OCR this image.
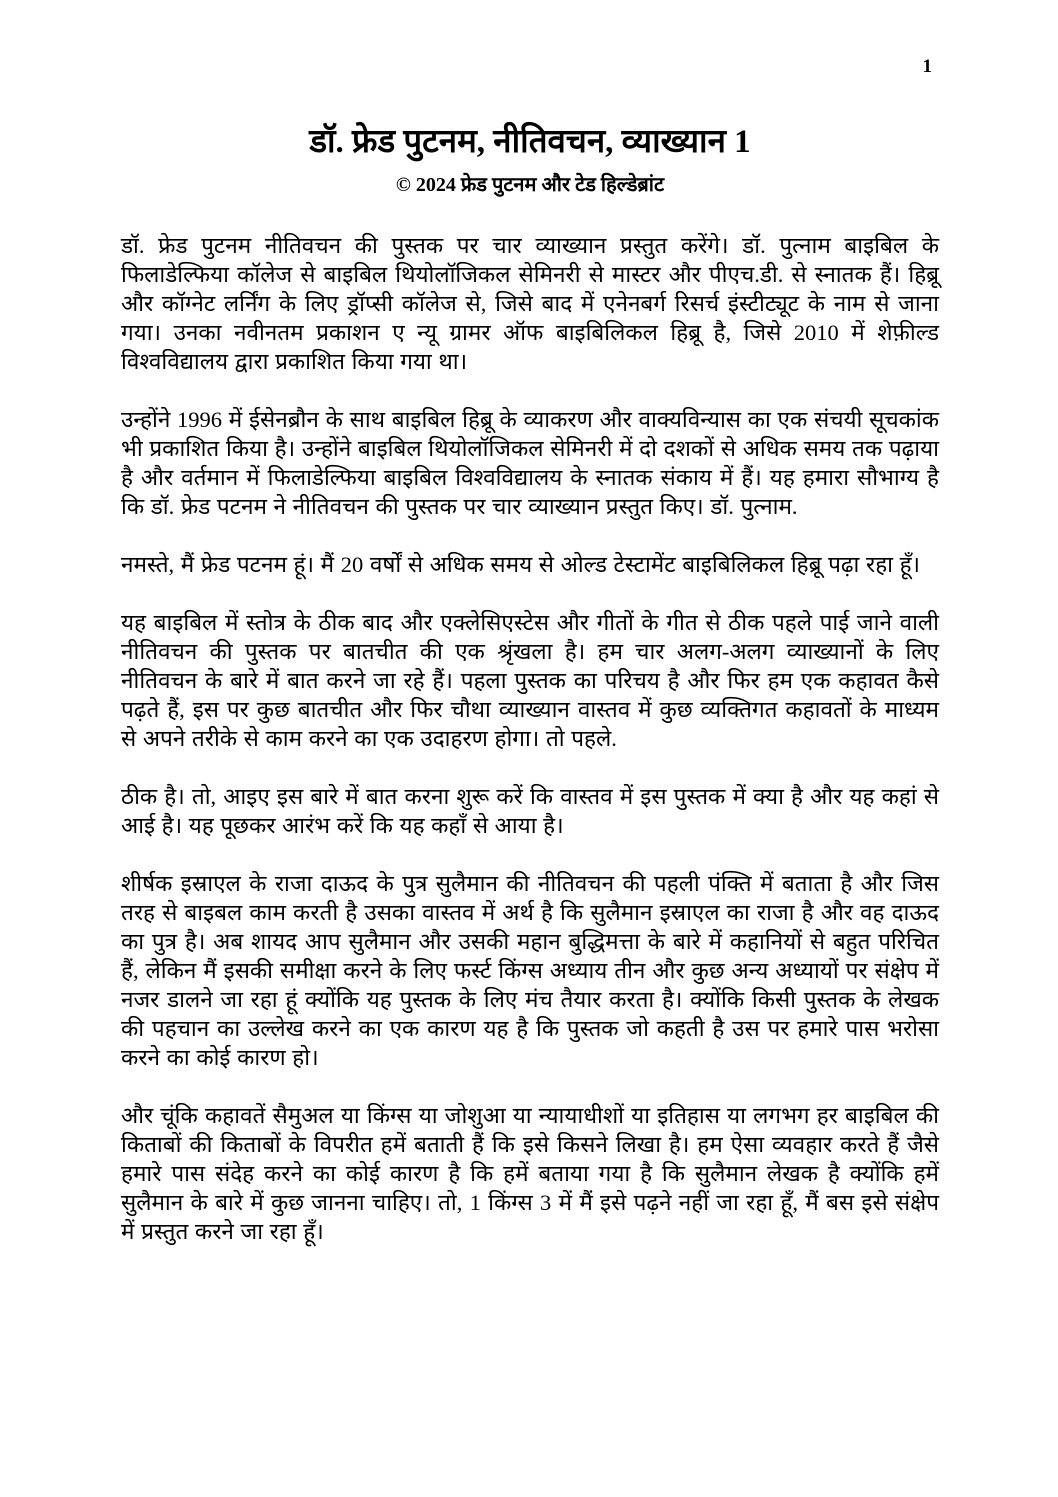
1
डॉ. फ्रेड पुटनम, नीतिवचन, व्याख्यान 1
© 2024 फ्रेड पुटनम और टेड हिल्डेब्रांट

डॉ. फ्रेड पुटनम नीतिवचन की पुस्तक पर चार व्याख्यान प्रस्तुत करेंगे। डॉ. पुत्नाम बाइबिल के फिलाडेल्फिया कॉलेज से बाइबिल थियोलॉजिकल सेमिनरी से मास्टर और पीएच.डी. से स्नातक हैं। हिब्रू और कॉग्नेट लर्निंग के लिए ड्रॉप्सी कॉलेज से, जिसे बाद में एनेनबर्ग रिसर्च इंस्टीट्यूट के नाम से जाना गया। उनका नवीनतम प्रकाशन ए न्यू ग्रामर ऑफ बाइबिलिकल हिब्रू है, जिसे 2010 में शेफ़ील्ड विश्वविद्यालय द्वारा प्रकाशित किया गया था।

उन्होंने 1996 में ईसेनब्रौन के साथ बाइबिल हिब्रू के व्याकरण और वाक्यविन्यास का एक संचयी सूचकांक भी प्रकाशित किया है। उन्होंने बाइबिल थियोलॉजिकल सेमिनरी में दो दशकों से अधिक समय तक पढ़ाया है और वर्तमान में फिलाडेल्फिया बाइबिल विश्वविद्यालय के स्नातक संकाय में हैं। यह हमारा सौभाग्य है कि डॉ. फ्रेड पटनम ने नीतिवचन की पुस्तक पर चार व्याख्यान प्रस्तुत किए। डॉ. पुत्नाम.

नमस्ते, मैं फ्रेड पटनम हूं। मैं 20 वर्षों से अधिक समय से ओल्ड टेस्टामेंट बाइबिलिकल हिब्रू पढ़ा रहा हूँ।

यह बाइबिल में स्तोत्र के ठीक बाद और एक्लेसिएस्टेस और गीतों के गीत से ठीक पहले पाई जाने वाली नीतिवचन की पुस्तक पर बातचीत की एक श्रृंखला है। हम चार अलग-अलग व्याख्यानों के लिए नीतिवचन के बारे में बात करने जा रहे हैं। पहला पुस्तक का परिचय है और फिर हम एक कहावत कैसे पढ़ते हैं, इस पर कुछ बातचीत और फिर चौथा व्याख्यान वास्तव में कुछ व्यक्तिगत कहावतों के माध्यम से अपने तरीके से काम करने का एक उदाहरण होगा। तो पहले.

ठीक है। तो, आइए इस बारे में बात करना शुरू करें कि वास्तव में इस पुस्तक में क्या है और यह कहां से आई है। यह पूछकर आरंभ करें कि यह कहाँ से आया है।

शीर्षक इस्राएल के राजा दाऊद के पुत्र सुलैमान की नीतिवचन की पहली पंक्ति में बताता है और जिस तरह से बाइबल काम करती है उसका वास्तव में अर्थ है कि सुलैमान इस्राएल का राजा है और वह दाऊद का पुत्र है। अब शायद आप सुलैमान और उसकी महान बुद्धिमत्ता के बारे में कहानियों से बहुत परिचित हैं, लेकिन मैं इसकी समीक्षा करने के लिए फर्स्ट किंग्स अध्याय तीन और कुछ अन्य अध्यायों पर संक्षेप में नजर डालने जा रहा हूं क्योंकि यह पुस्तक के लिए मंच तैयार करता है। क्योंकि किसी पुस्तक के लेखक की पहचान का उल्लेख करने का एक कारण यह है कि पुस्तक जो कहती है उस पर हमारे पास भरोसा करने का कोई कारण हो।

और चूंकि कहावतें सैमुअल या किंग्स या जोशुआ या न्यायाधीशों या इतिहास या लगभग हर बाइबिल की किताबों की किताबों के विपरीत हमें बताती हैं कि इसे किसने लिखा है। हम ऐसा व्यवहार करते हैं जैसे हमारे पास संदेह करने का कोई कारण है कि हमें बताया गया है कि सुलैमान लेखक है क्योंकि हमें सुलैमान के बारे में कुछ जानना चाहिए। तो, 1 किंग्स 3 में मैं इसे पढ़ने नहीं जा रहा हूँ, मैं बस इसे संक्षेप में प्रस्तुत करने जा रहा हूँ।
